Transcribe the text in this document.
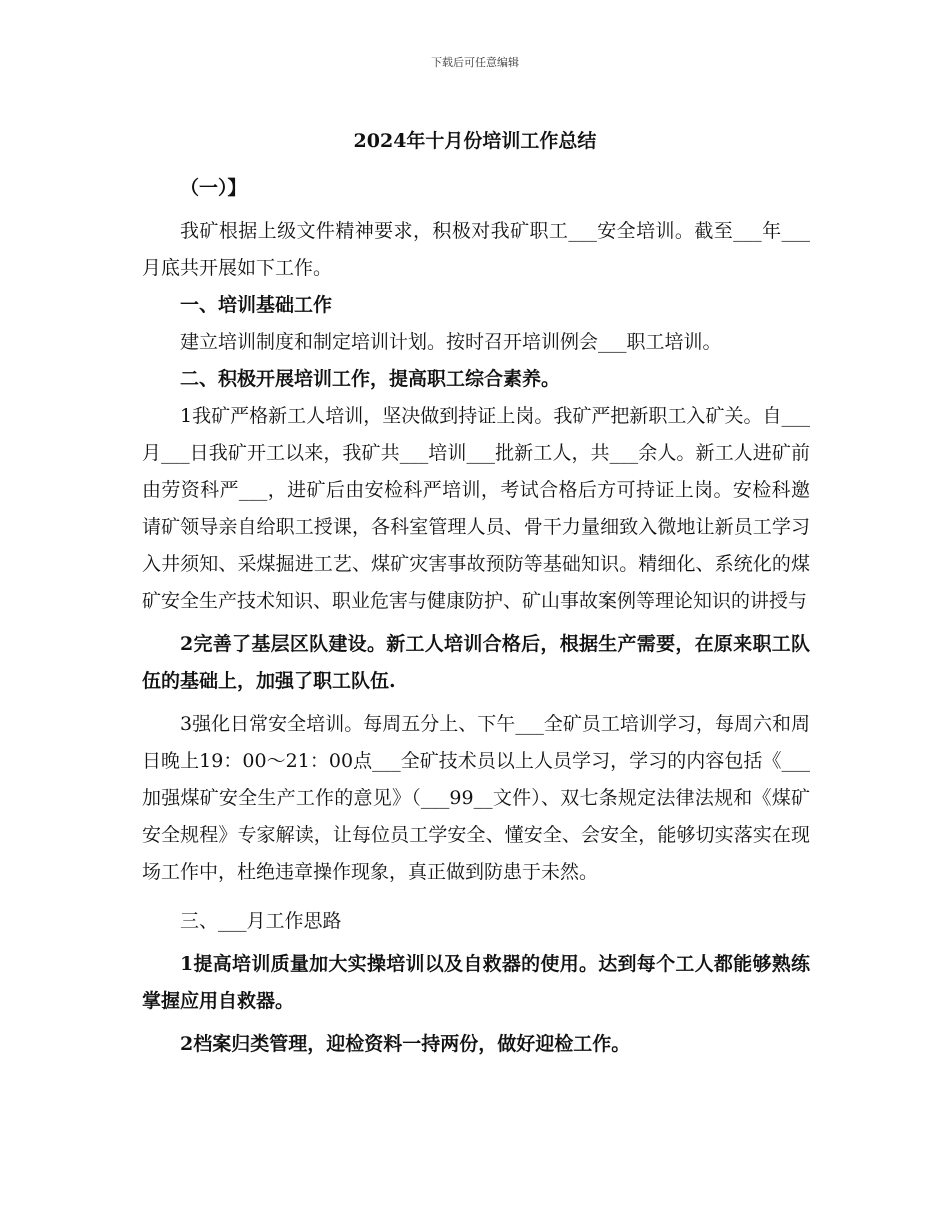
下载后可任意编辑
2024年十月份培训工作总结

（一）】

我矿根据上级文件精神要求，积极对我矿职工___安全培训。截至___年___月底共开展如下工作。

一、培训基础工作

建立培训制度和制定培训计划。按时召开培训例会___职工培训。

二、积极开展培训工作，提高职工综合素养。

1我矿严格新工人培训，坚决做到持证上岗。我矿严把新职工入矿关。自___月___日我矿开工以来，我矿共___培训___批新工人，共___余人。新工人进矿前由劳资科严___，进矿后由安检科严培训，考试合格后方可持证上岗。安检科邀请矿领导亲自给职工授课，各科室管理人员、骨干力量细致入微地让新员工学习入井须知、采煤掘进工艺、煤矿灾害事故预防等基础知识。精细化、系统化的煤矿安全生产技术知识、职业危害与健康防护、矿山事故案例等理论知识的讲授与

2完善了基层区队建设。新工人培训合格后，根据生产需要，在原来职工队伍的基础上，加强了职工队伍.

3强化日常安全培训。每周五分上、下午___全矿员工培训学习，每周六和周日晚上19：00～21：00点___全矿技术员以上人员学习，学习的内容包括《___加强煤矿安全生产工作的意见》（___99__文件）、双七条规定法律法规和《煤矿安全规程》专家解读，让每位员工学安全、懂安全、会安全，能够切实落实在现场工作中，杜绝违章操作现象，真正做到防患于未然。

三、___月工作思路

1提高培训质量加大实操培训以及自救器的使用。达到每个工人都能够熟练掌握应用自救器。

2档案归类管理，迎检资料一持两份，做好迎检工作。
